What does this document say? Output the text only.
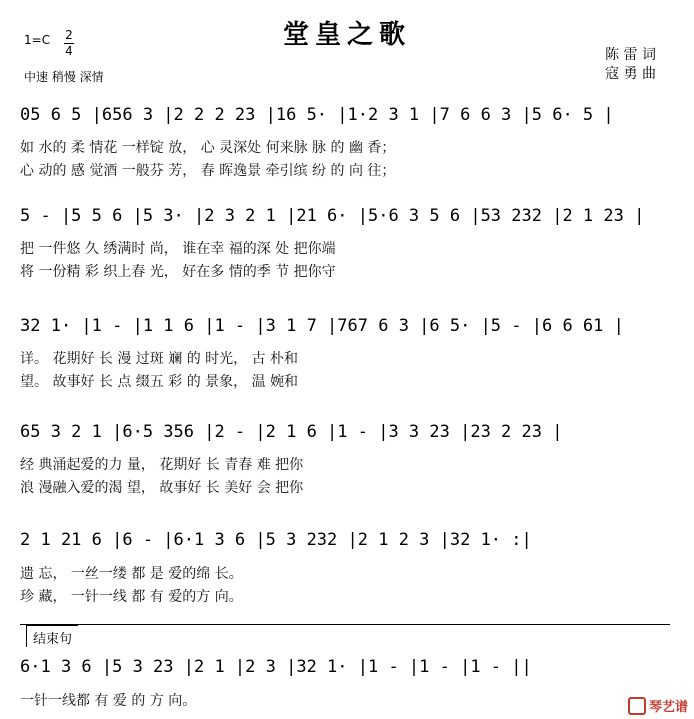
堂皇之歌
1=C 2
4
中速 稍慢 深情
陈 雷 词
寇 勇 曲
05 6 5 |656 3 |2 2 2 23 |16 5· |1·2 3 1 |7 6 6 3 |5 6· 5 |
如 水的 柔 情花 一样锭 放， 心 灵深处 何来脉 脉 的 幽 香；
心 动的 感 觉酒 一般芬 芳， 春 晖逸景 牵引缤 纷 的 向 往；
5 - |5 5 6 |5 3· |2 3 2 1 |21 6· |5·6 3 5 6 |53 232 |2 1 23 |
把 一件悠 久 绣满时 尚， 谁在幸 福的深 处 把你端
将 一份精 彩 织上春 光， 好在多 情的季 节 把你守
32 1· |1 - |1 1 6 |1 - |3 1 7 |767 6 3 |6 5· |5 - |6 6 61 |
详。 花期好 长 漫 过斑 斓 的 时光， 古 朴和
望。 故事好 长 点 缀五 彩 的 景象， 温 婉和
65 3 2 1 |6·5 356 |2 - |2 1 6 |1 - |3 3 23 |23 2 23 |
经 典涌起爱的力 量， 花期好 长 青春 难 把你
浪 漫融入爱的渴 望， 故事好 长 美好 会 把你
2 1 21 6 |6 - |6·1 3 6 |5 3 232 |2 1 2 3 |32 1· :|
遗 忘， 一丝一缕 都 是 爱的绵 长。
珍 藏， 一针一线 都 有 爱的方 向。
结束句
6·1 3 6 |5 3 23 |2 1 |2 3 |32 1· |1 - |1 - |1 - ||
一针一线都 有 爱 的 方 向。	琴艺谱
